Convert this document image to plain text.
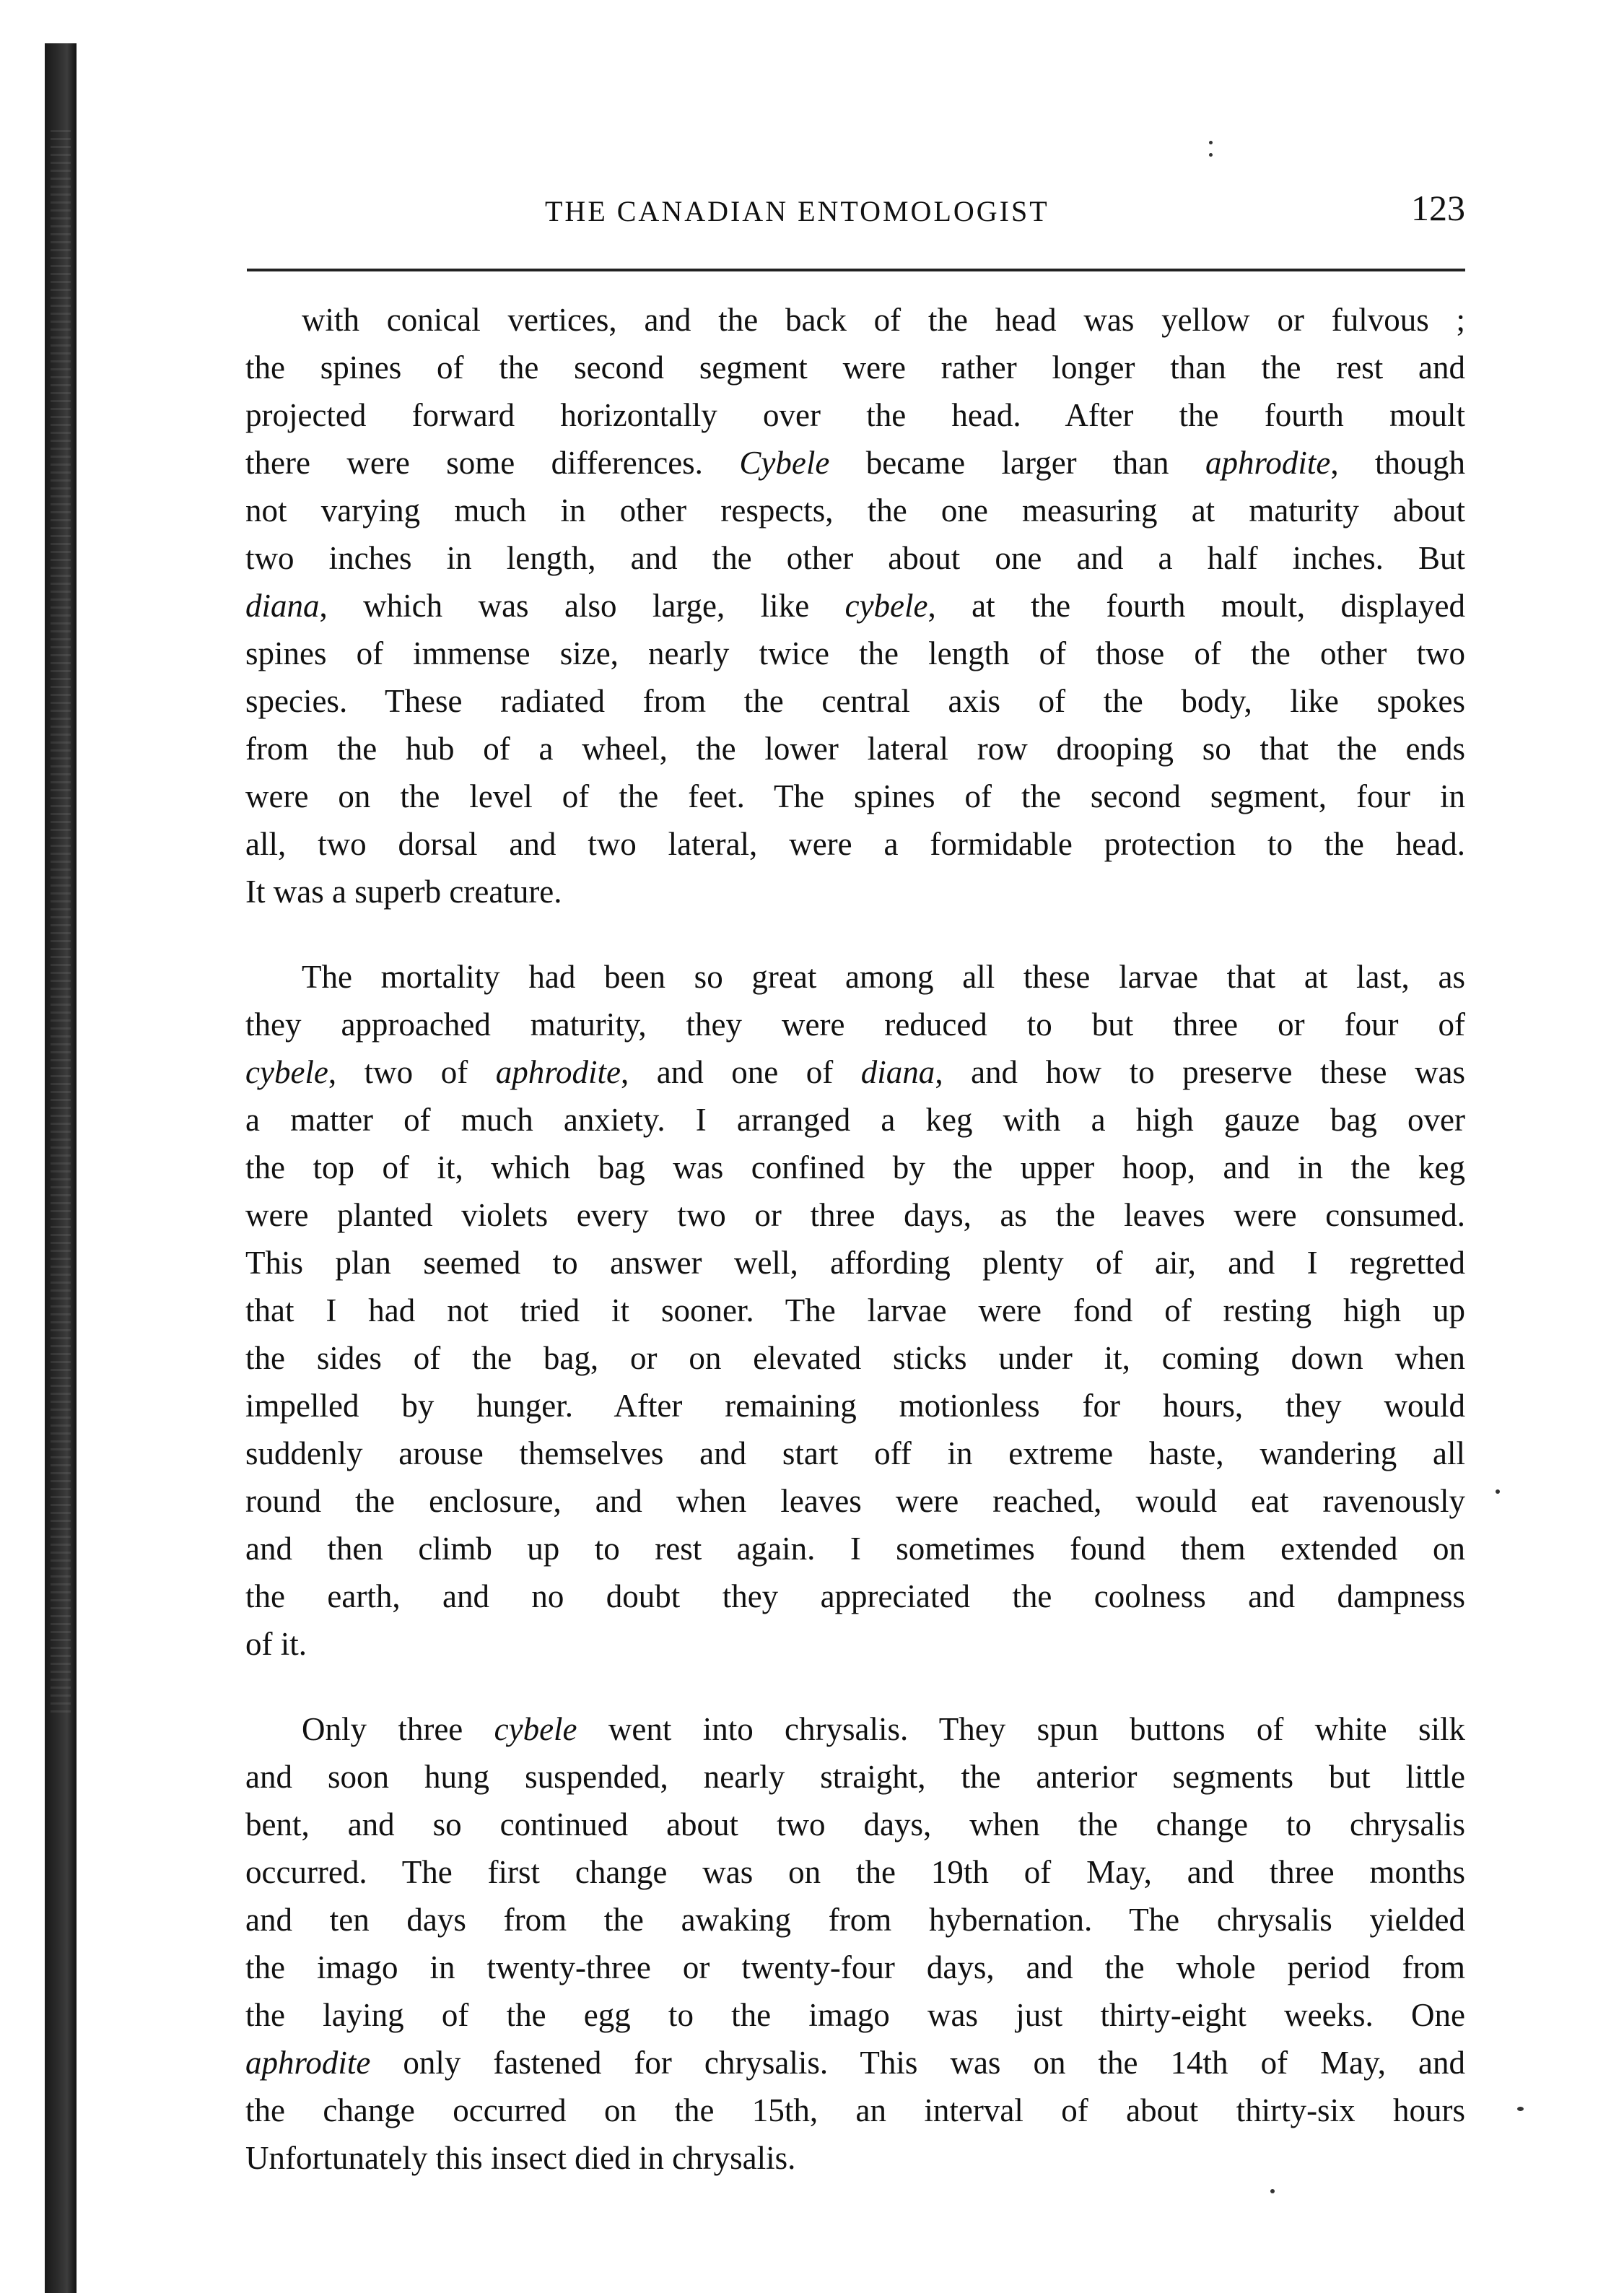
THE CANADIAN ENTOMOLOGIST	123

with conical vertices, and the back of the head was yellow or fulvous ;
the spines of the second segment were rather longer than the rest and
projected forward horizontally over the head. After the fourth moult
there were some differences. Cybele became larger than aphrodite, though
not varying much in other respects, the one measuring at maturity about
two inches in length, and the other about one and a half inches. But
diana, which was also large, like cybele, at the fourth moult, displayed
spines of immense size, nearly twice the length of those of the other two
species. These radiated from the central axis of the body, like spokes
from the hub of a wheel, the lower lateral row drooping so that the ends
were on the level of the feet. The spines of the second segment, four in
all, two dorsal and two lateral, were a formidable protection to the head.
It was a superb creature.

The mortality had been so great among all these larvae that at last, as
they approached maturity, they were reduced to but three or four of
cybele, two of aphrodite, and one of diana, and how to preserve these was
a matter of much anxiety. I arranged a keg with a high gauze bag over
the top of it, which bag was confined by the upper hoop, and in the keg
were planted violets every two or three days, as the leaves were consumed.
This plan seemed to answer well, affording plenty of air, and I regretted
that I had not tried it sooner. The larvae were fond of resting high up
the sides of the bag, or on elevated sticks under it, coming down when
impelled by hunger. After remaining motionless for hours, they would
suddenly arouse themselves and start off in extreme haste, wandering all
round the enclosure, and when leaves were reached, would eat ravenously
and then climb up to rest again. I sometimes found them extended on
the earth, and no doubt they appreciated the coolness and dampness
of it.

Only three cybele went into chrysalis. They spun buttons of white silk
and soon hung suspended, nearly straight, the anterior segments but little
bent, and so continued about two days, when the change to chrysalis
occurred. The first change was on the 19th of May, and three months
and ten days from the awaking from hybernation. The chrysalis yielded
the imago in twenty-three or twenty-four days, and the whole period from
the laying of the egg to the imago was just thirty-eight weeks. One
aphrodite only fastened for chrysalis. This was on the 14th of May, and
the change occurred on the 15th, an interval of about thirty-six hours
Unfortunately this insect died in chrysalis.
